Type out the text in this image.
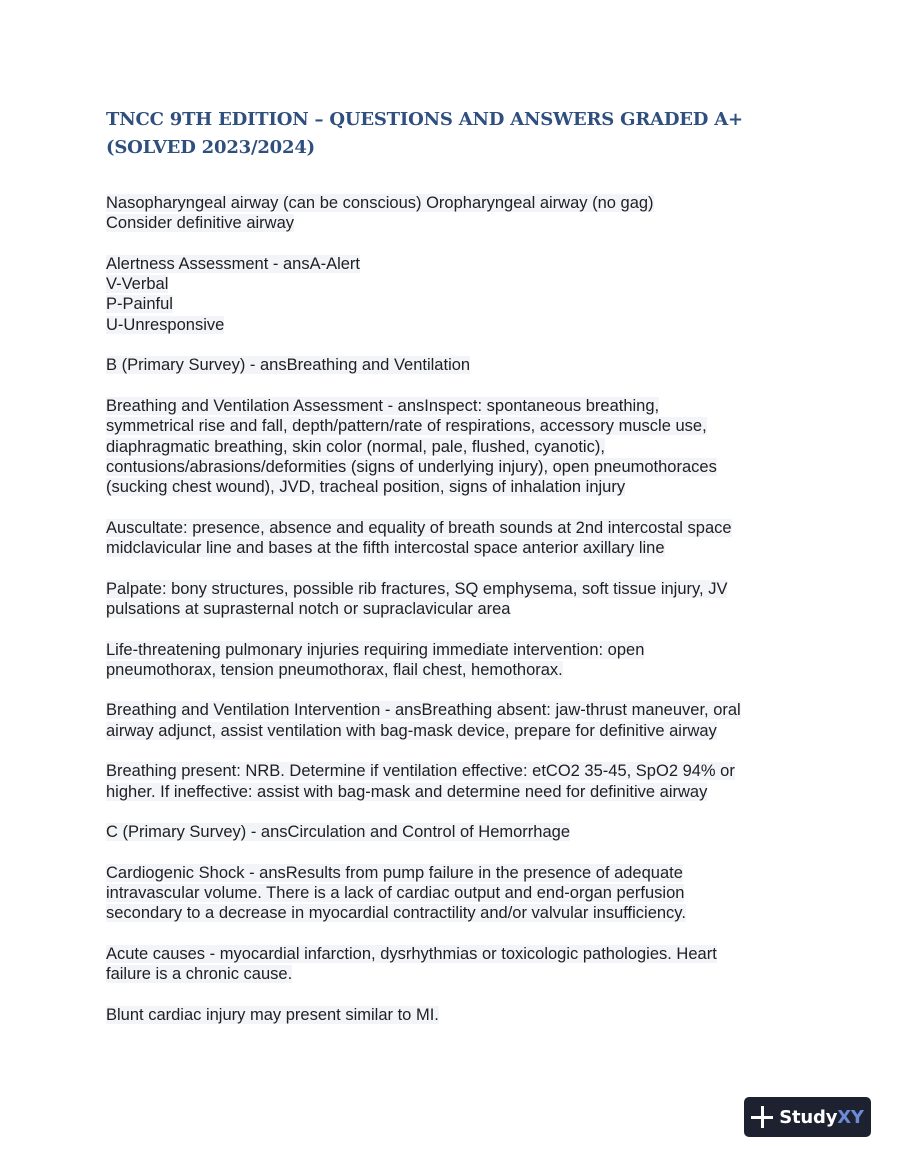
TNCC 9TH EDITION – QUESTIONS AND ANSWERS GRADED A+ (SOLVED 2023/2024)

Nasopharyngeal airway (can be conscious) Oropharyngeal airway (no gag)
Consider definitive airway

Alertness Assessment - ansA-Alert
V-Verbal
P-Painful
U-Unresponsive

B (Primary Survey) - ansBreathing and Ventilation

Breathing and Ventilation Assessment - ansInspect: spontaneous breathing,
symmetrical rise and fall, depth/pattern/rate of respirations, accessory muscle use,
diaphragmatic breathing, skin color (normal, pale, flushed, cyanotic),
contusions/abrasions/deformities (signs of underlying injury), open pneumothoraces
(sucking chest wound), JVD, tracheal position, signs of inhalation injury

Auscultate: presence, absence and equality of breath sounds at 2nd intercostal space
midclavicular line and bases at the fifth intercostal space anterior axillary line

Palpate: bony structures, possible rib fractures, SQ emphysema, soft tissue injury, JV
pulsations at suprasternal notch or supraclavicular area

Life-threatening pulmonary injuries requiring immediate intervention: open
pneumothorax, tension pneumothorax, flail chest, hemothorax.

Breathing and Ventilation Intervention - ansBreathing absent: jaw-thrust maneuver, oral
airway adjunct, assist ventilation with bag-mask device, prepare for definitive airway

Breathing present: NRB. Determine if ventilation effective: etCO2 35-45, SpO2 94% or
higher. If ineffective: assist with bag-mask and determine need for definitive airway

C (Primary Survey) - ansCirculation and Control of Hemorrhage

Cardiogenic Shock - ansResults from pump failure in the presence of adequate
intravascular volume. There is a lack of cardiac output and end-organ perfusion
secondary to a decrease in myocardial contractility and/or valvular insufficiency.

Acute causes - myocardial infarction, dysrhythmias or toxicologic pathologies. Heart
failure is a chronic cause.

Blunt cardiac injury may present similar to MI.

StudyXY
